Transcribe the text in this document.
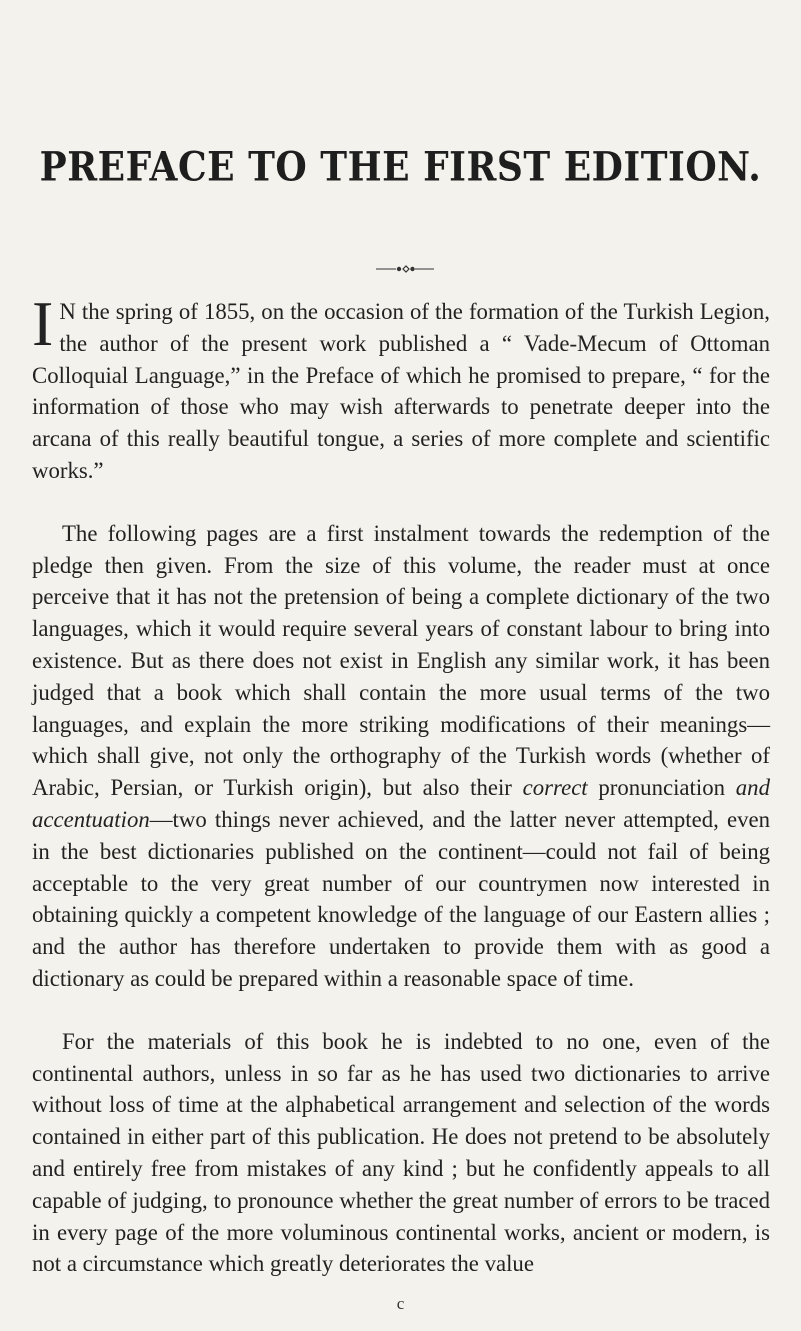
PREFACE TO THE FIRST EDITION.

I N the spring of 1855, on the occasion of the formation of the Turkish Legion, the author of the present work published a “ Vade-Mecum of Ottoman Colloquial Language,” in the Preface of which he promised to prepare, “ for the information of those who may wish afterwards to penetrate deeper into the arcana of this really beautiful tongue, a series of more complete and scientific works.”

The following pages are a first instalment towards the redemption of the pledge then given. From the size of this volume, the reader must at once perceive that it has not the pretension of being a complete dictionary of the two languages, which it would require several years of constant labour to bring into existence. But as there does not exist in English any similar work, it has been judged that a book which shall contain the more usual terms of the two languages, and explain the more striking modifications of their meanings—which shall give, not only the orthography of the Turkish words (whether of Arabic, Persian, or Turkish origin), but also their correct pronunciation and accentuation—two things never achieved, and the latter never attempted, even in the best dictionaries published on the continent—could not fail of being acceptable to the very great number of our countrymen now interested in obtaining quickly a competent knowledge of the language of our Eastern allies ; and the author has therefore undertaken to provide them with as good a dictionary as could be prepared within a reasonable space of time.

For the materials of this book he is indebted to no one, even of the continental authors, unless in so far as he has used two dictionaries to arrive without loss of time at the alphabetical arrangement and selection of the words contained in either part of this publication. He does not pretend to be absolutely and entirely free from mistakes of any kind ; but he confidently appeals to all capable of judging, to pronounce whether the great number of errors to be traced in every page of the more voluminous continental works, ancient or modern, is not a circumstance which greatly deteriorates the value

c
